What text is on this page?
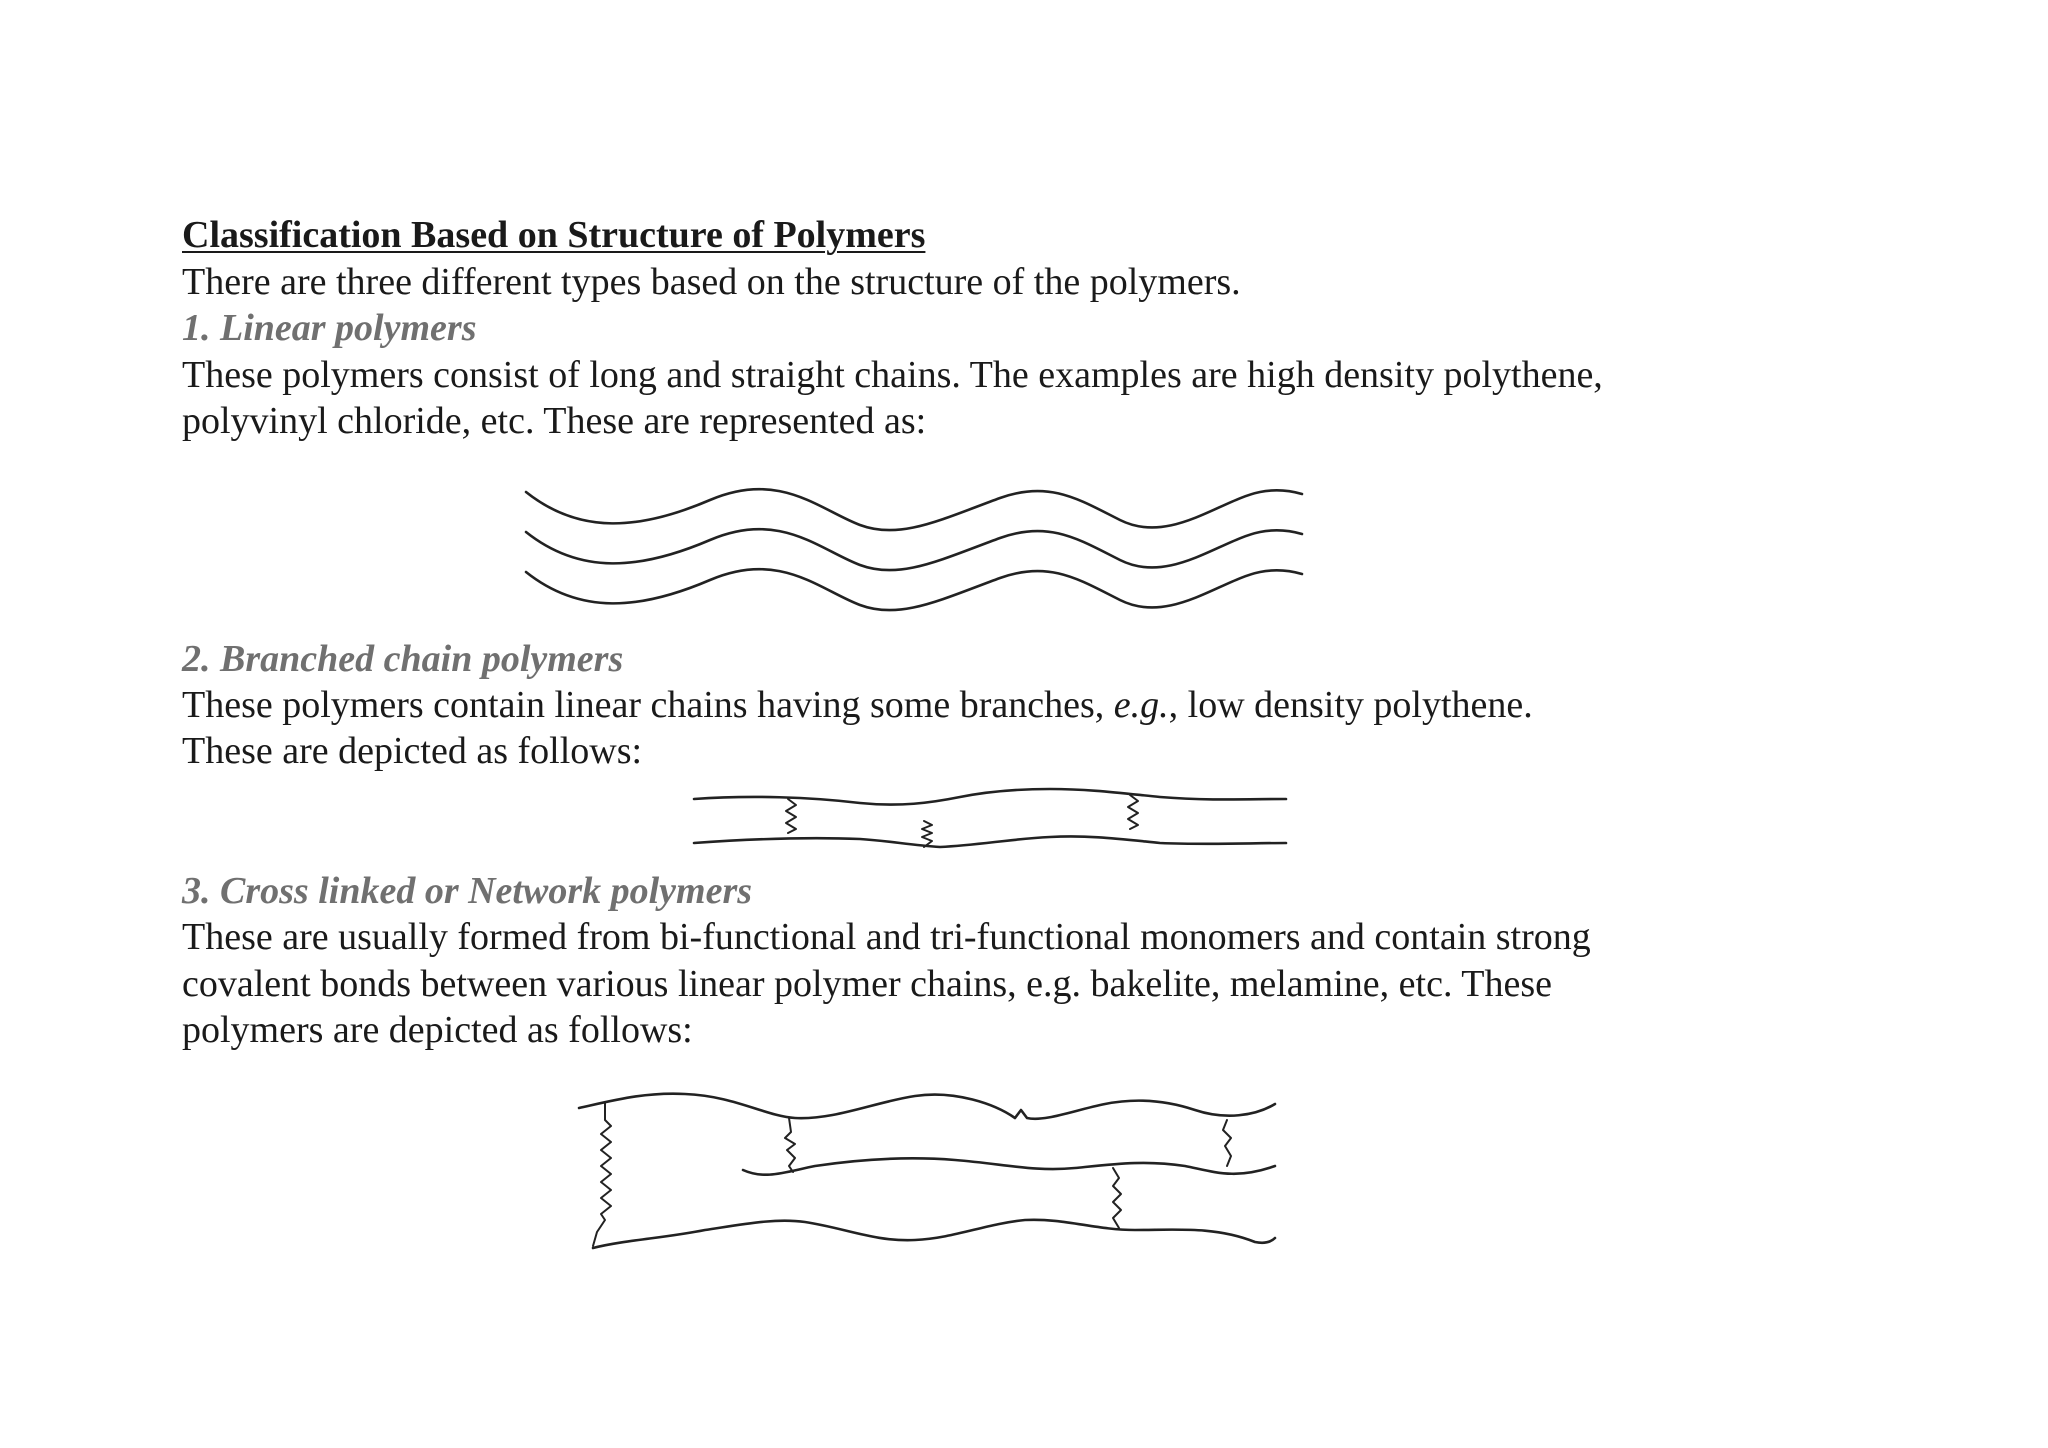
Classification Based on Structure of Polymers
There are three different types based on the structure of the polymers.
1. Linear polymers
These polymers consist of long and straight chains. The examples are high density polythene,
polyvinyl chloride, etc. These are represented as:
2. Branched chain polymers
These polymers contain linear chains having some branches, e.g., low density polythene.
These are depicted as follows:
3. Cross linked or Network polymers
These are usually formed from bi-functional and tri-functional monomers and contain strong
covalent bonds between various linear polymer chains, e.g. bakelite, melamine, etc. These
polymers are depicted as follows:
